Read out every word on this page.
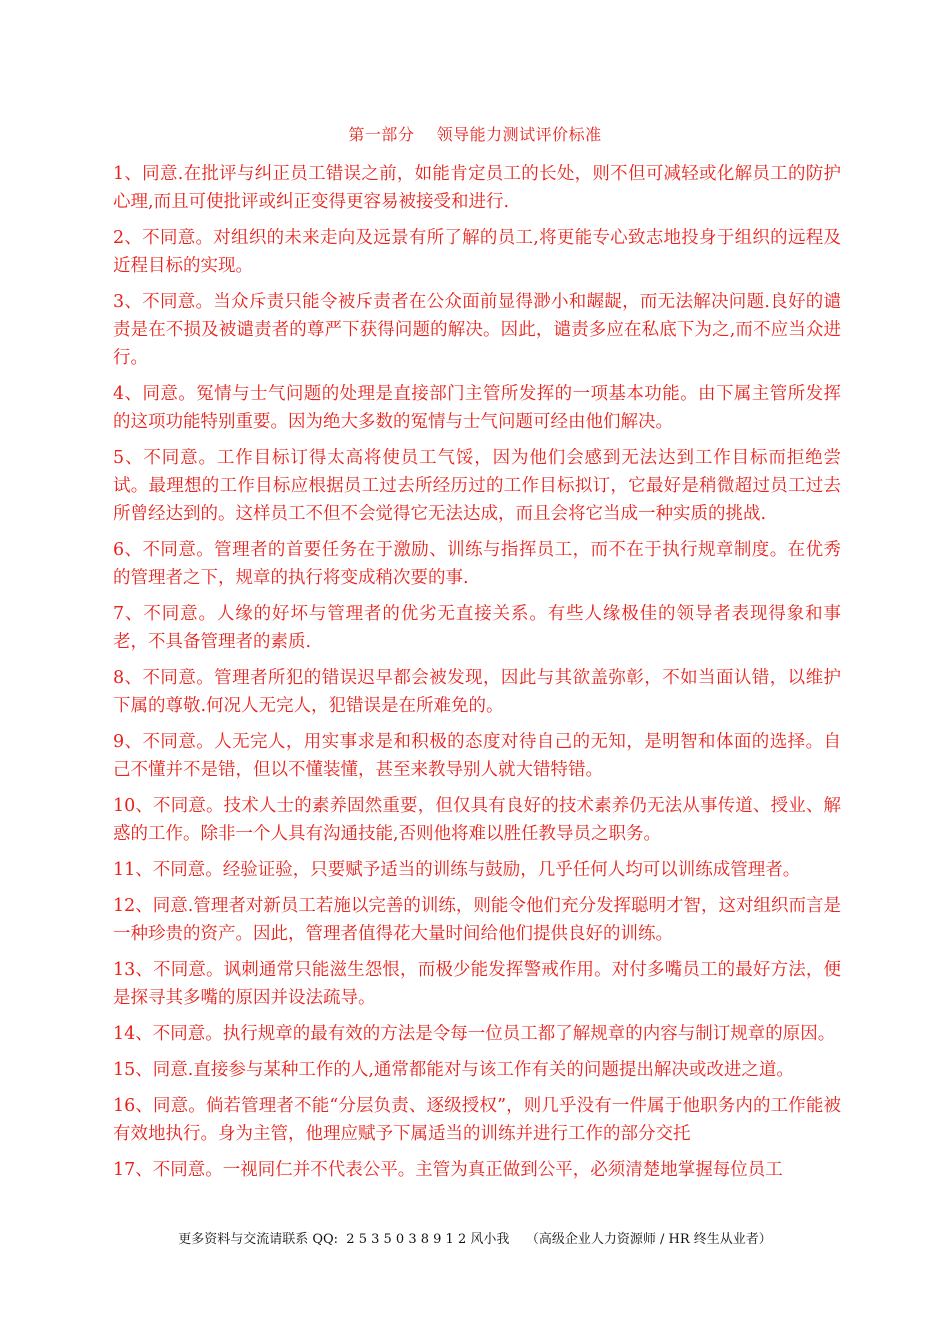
第一部分    领导能力测试评价标准

1、同意.在批评与纠正员工错误之前，如能肯定员工的长处，则不但可减轻或化解员工的防护心理,而且可使批评或纠正变得更容易被接受和进行.

2、不同意。对组织的未来走向及远景有所了解的员工,将更能专心致志地投身于组织的远程及近程目标的实现。

3、不同意。当众斥责只能令被斥责者在公众面前显得渺小和龌龊，而无法解决问题.良好的谴责是在不损及被谴责者的尊严下获得问题的解决。因此，谴责多应在私底下为之,而不应当众进行。

4、同意。冤情与士气问题的处理是直接部门主管所发挥的一项基本功能。由下属主管所发挥的这项功能特别重要。因为绝大多数的冤情与士气问题可经由他们解决。

5、不同意。工作目标订得太高将使员工气馁，因为他们会感到无法达到工作目标而拒绝尝试。最理想的工作目标应根据员工过去所经历过的工作目标拟订，它最好是稍微超过员工过去所曾经达到的。这样员工不但不会觉得它无法达成，而且会将它当成一种实质的挑战.

6、不同意。管理者的首要任务在于激励、训练与指挥员工，而不在于执行规章制度。在优秀的管理者之下，规章的执行将变成稍次要的事.

7、不同意。人缘的好坏与管理者的优劣无直接关系。有些人缘极佳的领导者表现得象和事老，不具备管理者的素质.

8、不同意。管理者所犯的错误迟早都会被发现，因此与其欲盖弥彰，不如当面认错，以维护下属的尊敬.何况人无完人，犯错误是在所难免的。

9、不同意。人无完人，用实事求是和积极的态度对待自己的无知，是明智和体面的选择。自己不懂并不是错，但以不懂装懂，甚至来教导别人就大错特错。

10、不同意。技术人士的素养固然重要，但仅具有良好的技术素养仍无法从事传道、授业、解惑的工作。除非一个人具有沟通技能,否则他将难以胜任教导员之职务。

11、不同意。经验证验，只要赋予适当的训练与鼓励，几乎任何人均可以训练成管理者。

12、同意.管理者对新员工若施以完善的训练，则能令他们充分发挥聪明才智，这对组织而言是一种珍贵的资产。因此，管理者值得花大量时间给他们提供良好的训练。

13、不同意。讽刺通常只能滋生怨恨，而极少能发挥警戒作用。对付多嘴员工的最好方法，便是探寻其多嘴的原因并设法疏导。

14、不同意。执行规章的最有效的方法是令每一位员工都了解规章的内容与制订规章的原因。

15、同意.直接参与某种工作的人,通常都能对与该工作有关的问题提出解决或改进之道。

16、同意。倘若管理者不能“分层负责、逐级授权”，则几乎没有一件属于他职务内的工作能被有效地执行。身为主管，他理应赋予下属适当的训练并进行工作的部分交托

17、不同意。一视同仁并不代表公平。主管为真正做到公平，必须清楚地掌握每位员工

更多资料与交流请联系 QQ:  2 5 3 5 0 3 8 9 1 2 风小我    （高级企业人力资源师 / HR 终生从业者）
